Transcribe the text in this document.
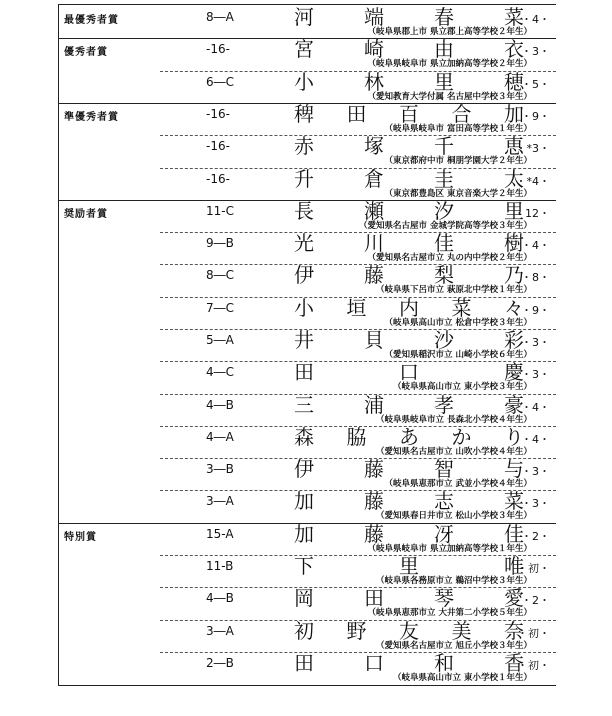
最優秀者賞	8―A	河	端	春	菜
・4・
（岐阜県郡上市 県立郡上高等学校２年生）
優秀者賞	-16-	宮	崎	由	衣
・3・
（岐阜県岐阜市 県立加納高等学校２年生）
6―C	小	林	里	穂
・5・
（愛知教育大学付属 名古屋中学校３年生）
準優秀者賞	-16-	稗 田 百 合 加
・9・
（岐阜県岐阜市 富田高等学校１年生）
-16-	赤	塚	千	恵
・*3・
（東京都府中市 桐朋学園大学２年生）
-16-	升	倉	圭	太
・*4・
（東京都豊島区 東京音楽大学２年生）
奨励者賞	11-C	長	瀬	汐	里
・12・
（愛知県名古屋市 金城学院高等学校３年生）
9―B	光	川	佳	樹
・4・
（愛知県名古屋市立 丸の内中学校２年生）
8―C	伊	藤	梨	乃
・8・
（岐阜県下呂市立 萩原北中学校１年生）
7―C	小 垣 内 菜 々
・9・
（岐阜県高山市立 松倉中学校３年生）
5―A	井	貝	沙	彩
・3・
（愛知県稲沢市立 山崎小学校６年生）
4―C	田	口	慶
・3・
（岐阜県高山市立 東小学校３年生）
4―B	三	浦	孝	豪
・4・
（岐阜県岐阜市立 長森北小学校４年生）
4―A	森 脇 あ か り
・4・
（愛知県名古屋市立 山吹小学校４年生）
3―B	伊	藤	智	与
・3・
（岐阜県恵那市立 武並小学校４年生）
3―A	加	藤	志	菜
・3・
（愛知県春日井市立 松山小学校３年生）
特別賞	15-A	加	藤	冴	佳
・2・
（岐阜県岐阜市 県立加納高等学校１年生）
11-B	下	里	唯
・初・
（岐阜県各務原市立 鵜沼中学校３年生）
4―B	岡	田	琴	愛
・2・
（岐阜県恵那市立 大井第二小学校５年生）
3―A	初 野 友 美 奈
・初・
（愛知県名古屋市立 旭丘小学校３年生）
2―B	田	口	和	香
・初・
（岐阜県高山市立 東小学校１年生）
